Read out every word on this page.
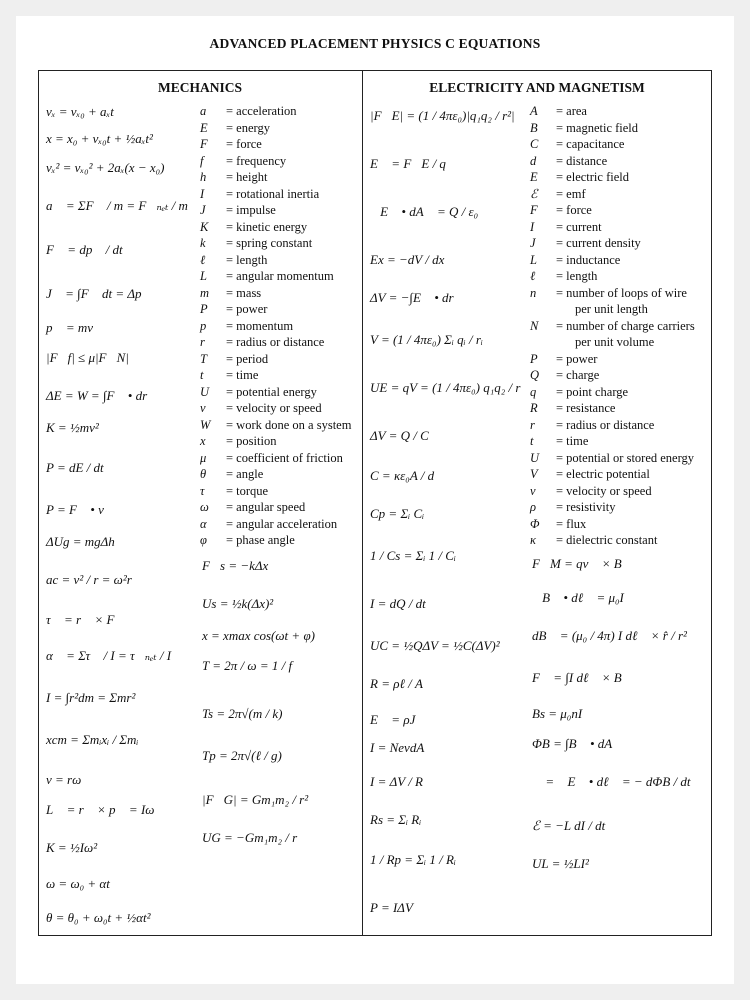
ADVANCED PLACEMENT PHYSICS C EQUATIONS
MECHANICS	ELECTRICITY AND MAGNETISM
vₓ = vₓ₀ + aₓt
x = x₀ + vₓ₀t + ½aₓt²
vₓ² = vₓ₀² + 2aₓ(x − x₀)
a⃗ = ΣF⃗ / m = F⃗ₙₑₜ / m
F⃗ = dp⃗ / dt
J⃗ = ∫F⃗ dt = Δp⃗
p⃗ = mv⃗
|F⃗f| ≤ μ|F⃗N|
ΔE = W = ∫F⃗ • dr⃗
K = ½mv²
P = dE / dt
P = F⃗ • v⃗
ΔUg = mgΔh
ac = v² / r = ω²r
τ⃗ = r⃗ × F⃗
α⃗ = Στ⃗ / I = τ⃗ₙₑₜ / I
I = ∫r²dm = Σmr²
xcm = Σmᵢxᵢ / Σmᵢ
v = rω
L⃗ = r⃗ × p⃗ = Iω⃗
K = ½Iω²
ω = ω₀ + αt
θ = θ₀ + ω₀t + ½αt²
F⃗s = −kΔx⃗
Us = ½k(Δx)²
x = xmax cos(ωt + φ)
T = 2π / ω = 1 / f
Ts = 2π√(m / k)
Tp = 2π√(ℓ / g)
|F⃗G| = Gm₁m₂ / r²
UG = −Gm₁m₂ / r
a = acceleration
E = energy
F = force
f = frequency
h = height
I = rotational inertia
J = impulse
K = kinetic energy
k = spring constant
ℓ = length
L = angular momentum
m = mass
P = power
p = momentum
r = radius or distance
T = period
t = time
U = potential energy
v = velocity or speed
W = work done on a system
x = position
μ = coefficient of friction
θ = angle
τ = torque
ω = angular speed
α = angular acceleration
φ = phase angle
|F⃗E| = (1 / 4πε₀)|q₁q₂ / r²|
E⃗ = F⃗E / q
∮E⃗ • dA⃗ = Q / ε₀
Ex = −dV / dx
ΔV = −∫E⃗ • dr⃗
V = (1 / 4πε₀) Σᵢ qᵢ / rᵢ
UE = qV = (1 / 4πε₀) q₁q₂ / r
ΔV = Q / C
C = κε₀A / d
Cp = Σᵢ Cᵢ
1 / Cs = Σᵢ 1 / Cᵢ
I = dQ / dt
UC = ½QΔV = ½C(ΔV)²
R = ρℓ / A
E⃗ = ρJ⃗
I = NevdA
I = ΔV / R
Rs = Σᵢ Rᵢ
1 / Rp = Σᵢ 1 / Rᵢ
P = IΔV
F⃗M = qv⃗ × B⃗
∮B⃗ • dℓ⃗ = μ₀I
dB⃗ = (μ₀ / 4π) I dℓ⃗ × r̂ / r²
F⃗ = ∫I dℓ⃗ × B⃗
Bs = μ₀nI
ΦB = ∫B⃗ • dA⃗
ℰ = ∮E⃗ • dℓ⃗ = − dΦB / dt
ℰ = −L dI / dt
UL = ½LI²
A = area
B = magnetic field
C = capacitance
d = distance
E = electric field
ℰ = emf
F = force
I = current
J = current density
L = inductance
ℓ = length
n = number of loops of wire
per unit length
N = number of charge carriers
per unit volume
P = power
Q = charge
q = point charge
R = resistance
r = radius or distance
t = time
U = potential or stored energy
V = electric potential
v = velocity or speed
ρ = resistivity
Φ = flux
κ = dielectric constant
